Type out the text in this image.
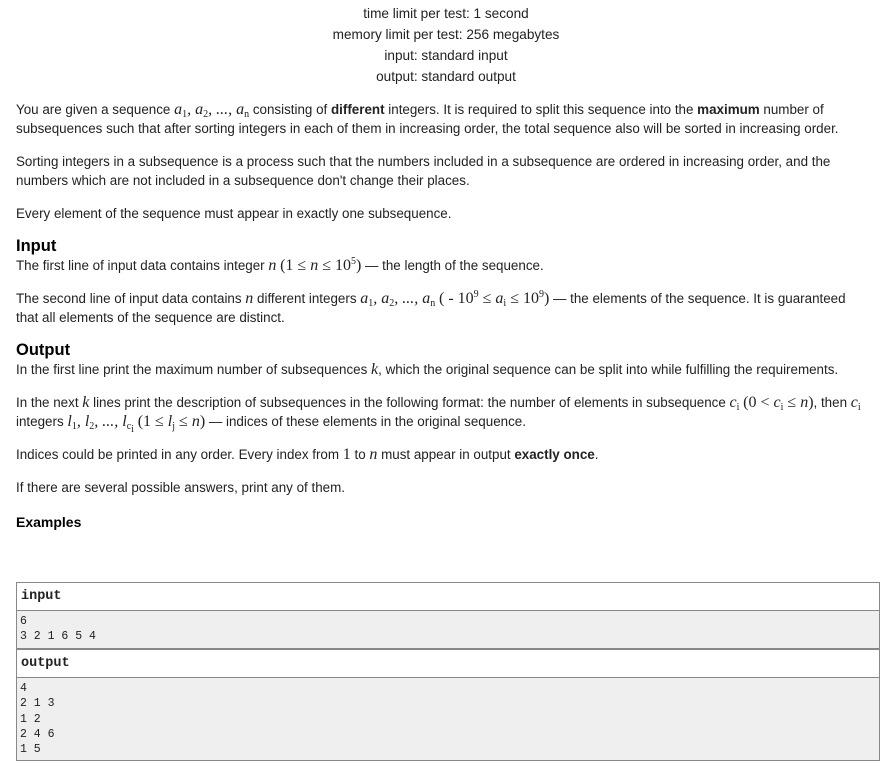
time limit per test: 1 second
memory limit per test: 256 megabytes
input: standard input
output: standard output

You are given a sequence $a_1$, $a_2$, ..., $a_n$ consisting of different integers. It is required to split this sequence into the maximum number of subsequences such that after sorting integers in each of them in increasing order, the total sequence also will be sorted in increasing order.

Sorting integers in a subsequence is a process such that the numbers included in a subsequence are ordered in increasing order, and the numbers which are not included in a subsequence don't change their places.

Every element of the sequence must appear in exactly one subsequence.

Input

The first line of input data contains integer n $(1 \le n \le 10^5)$ — the length of the sequence.

The second line of input data contains n different integers $a_1$, $a_2$, ..., $a_n$ ( - $10^9 \le a_i \le 10^9$) — the elements of the sequence. It is guaranteed that all elements of the sequence are distinct.

Output

In the first line print the maximum number of subsequences k, which the original sequence can be split into while fulfilling the requirements.

In the next k lines print the description of subsequences in the following format: the number of elements in subsequence $c_i$ $(0 < c_i \le n)$, then $c_i$ integers $l_1$, $l_2$, ..., $l_{c_i}$ $(1 \le l_j \le n)$ — indices of these elements in the original sequence.

Indices could be printed in any order. Every index from 1 to n must appear in output exactly once.

If there are several possible answers, print any of them.

Examples
input
6
3 2 1 6 5 4
output
4
2 1 3
1 2
2 4 6
1 5
